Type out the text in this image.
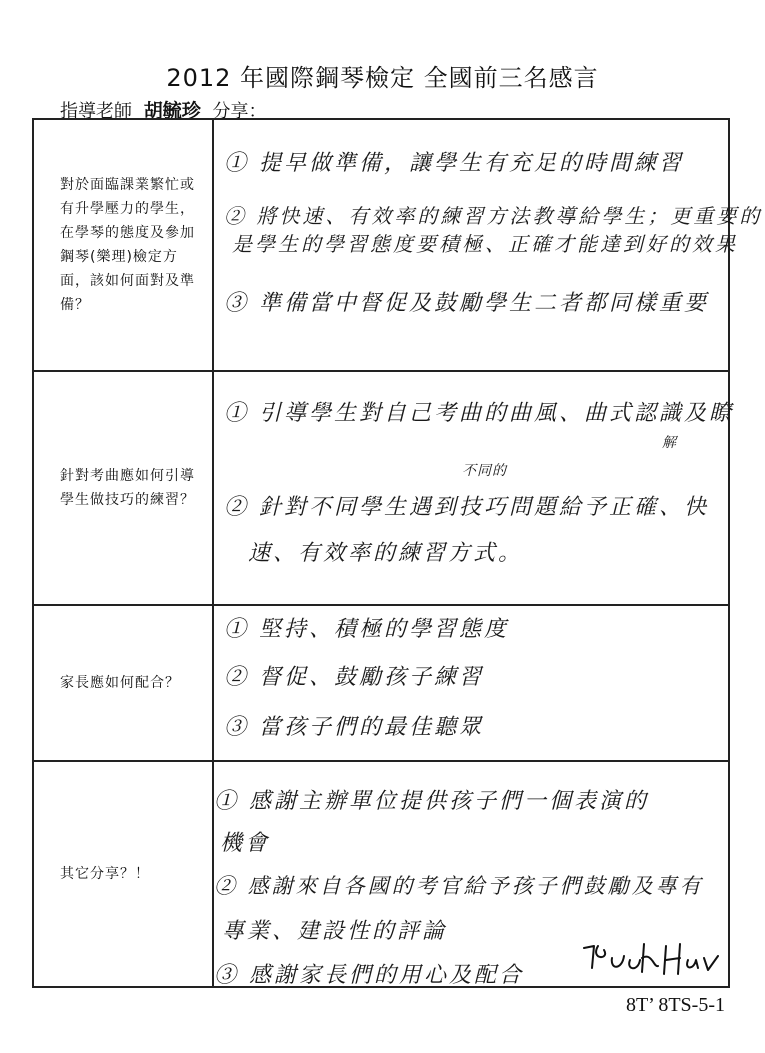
2012 年國際鋼琴檢定 全國前三名感言
指導老師 胡毓珍 分享：
對於面臨課業繁忙或有升學壓力的學生，在學琴的態度及參加鋼琴(樂理)檢定方面，該如何面對及準備？	① 提早做準備，讓學生有充足的時間練習
② 將快速、有效率的練習方法教導給學生；更重要的
是學生的學習態度要積極、正確才能達到好的效果
③ 準備當中督促及鼓勵學生二者都同樣重要

針對考曲應如何引導學生做技巧的練習？	① 引導學生對自己考曲的曲風、曲式認識及瞭
解
不同的
② 針對不同學生遇到技巧問題給予正確、快
速、有效率的練習方式。

家長應如何配合？	① 堅持、積極的學習態度
② 督促、鼓勵孩子練習
③ 當孩子們的最佳聽眾

其它分享？！	① 感謝主辦單位提供孩子們一個表演的
機會
② 感謝來自各國的考官給予孩子們鼓勵及專有
專業、建設性的評論
③ 感謝家長們的用心及配合
8T’ 8TS-5-1
